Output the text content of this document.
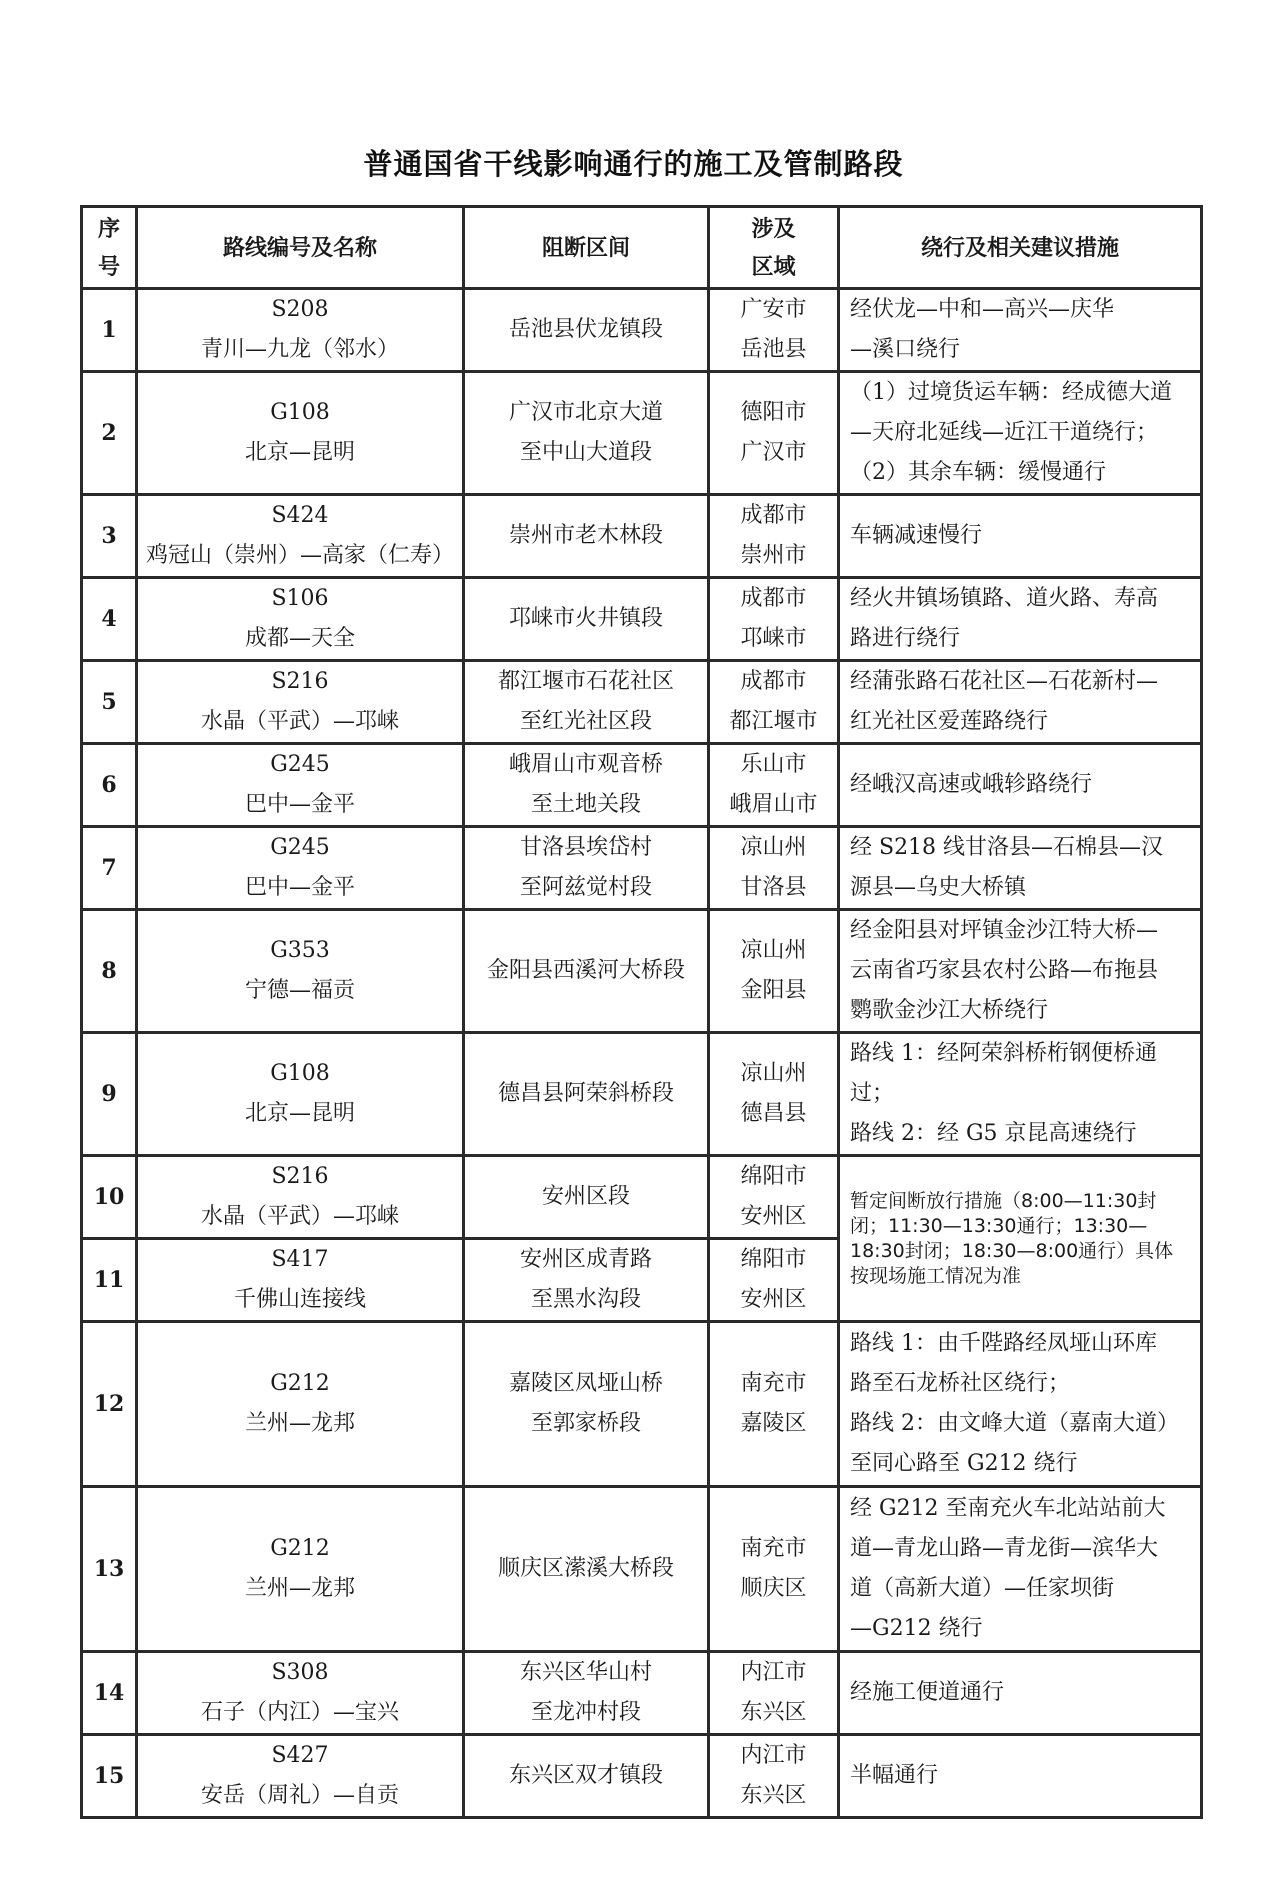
普通国省干线影响通行的施工及管制路段
序
号	路线编号及名称	阻断区间	涉及
区域	绕行及相关建议措施
1	S208
青川—九龙（邻水）	岳池县伏龙镇段	广安市
岳池县	经伏龙—中和—高兴—庆华
—溪口绕行

2	G108
北京—昆明	广汉市北京大道
至中山大道段	德阳市
广汉市	（1）过境货运车辆：经成德大道
—天府北延线—近江干道绕行；
（2）其余车辆：缓慢通行

3	S424
鸡冠山（崇州）—高家（仁寿）	崇州市老木林段	成都市
崇州市	车辆减速慢行

4	S106
成都—天全	邛崃市火井镇段	成都市
邛崃市	经火井镇场镇路、道火路、寿高
路进行绕行

5	S216
水晶（平武）—邛崃	都江堰市石花社区
至红光社区段	成都市
都江堰市	经蒲张路石花社区—石花新村—
红光社区爱莲路绕行

6	G245
巴中—金平	峨眉山市观音桥
至土地关段	乐山市
峨眉山市	经峨汉高速或峨轸路绕行

7	G245
巴中—金平	甘洛县埃岱村
至阿兹觉村段	凉山州
甘洛县	经 S218 线甘洛县—石棉县—汉
源县—乌史大桥镇

8	G353
宁德—福贡	金阳县西溪河大桥段	凉山州
金阳县	经金阳县对坪镇金沙江特大桥—
云南省巧家县农村公路—布拖县
鹦歌金沙江大桥绕行

9	G108
北京—昆明	德昌县阿荣斜桥段	凉山州
德昌县	路线 1：经阿荣斜桥桁钢便桥通
过；
路线 2：经 G5 京昆高速绕行

10	S216
水晶（平武）—邛崃	安州区段	绵阳市
安州区	暂定间断放行措施（8:00—11:30封闭；11:30—13:30通行；13:30—18:30封闭；18:30—8:00通行）具体按现场施工情况为准

11	S417
千佛山连接线	安州区成青路
至黑水沟段	绵阳市
安州区	

12	G212
兰州—龙邦	嘉陵区凤垭山桥
至郭家桥段	南充市
嘉陵区	路线 1：由千陛路经凤垭山环库
路至石龙桥社区绕行；
路线 2：由文峰大道（嘉南大道）
至同心路至 G212 绕行

13	G212
兰州—龙邦	顺庆区潆溪大桥段	南充市
顺庆区	经 G212 至南充火车北站站前大
道—青龙山路—青龙街—滨华大
道（高新大道）—任家坝街
—G212 绕行

14	S308
石子（内江）—宝兴	东兴区华山村
至龙冲村段	内江市
东兴区	经施工便道通行

15	S427
安岳（周礼）—自贡	东兴区双才镇段	内江市
东兴区	半幅通行
